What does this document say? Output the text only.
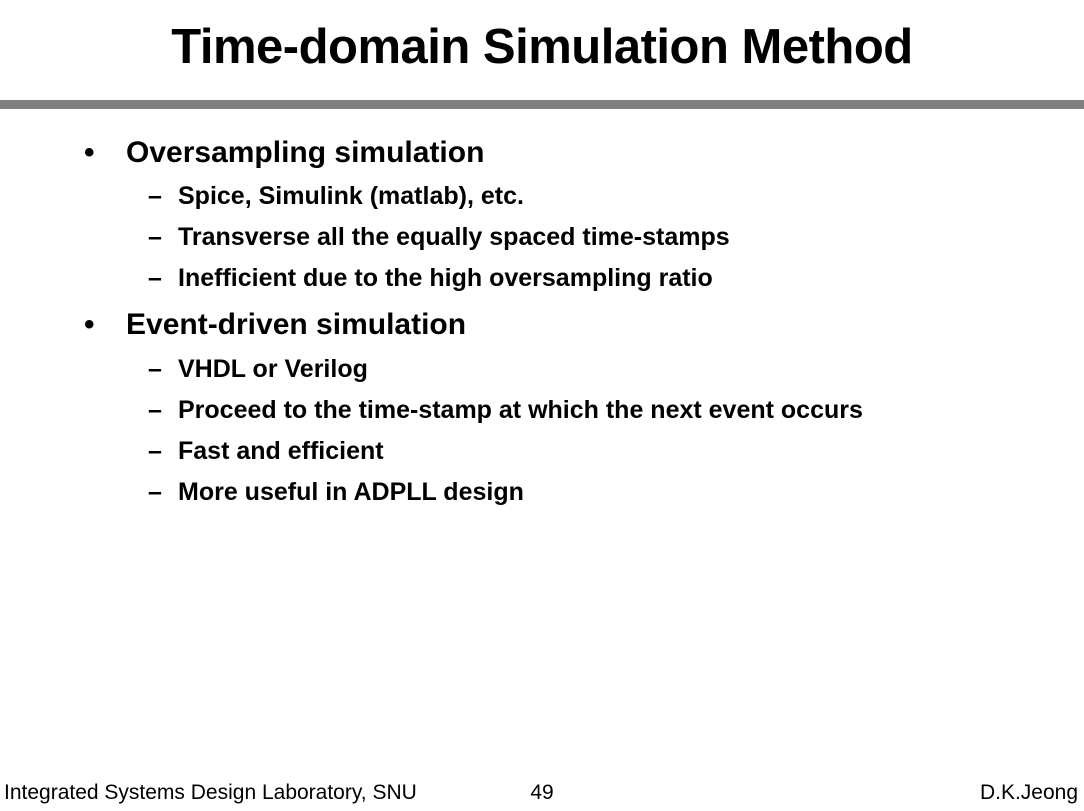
Time-domain Simulation Method
•	Oversampling simulation
– Spice, Simulink (matlab), etc.
– Transverse all the equally spaced time-stamps
– Inefficient due to the high oversampling ratio
•	Event-driven simulation
– VHDL or Verilog
– Proceed to the time-stamp at which the next event occurs
– Fast and efficient
– More useful in ADPLL design
Integrated Systems Design Laboratory, SNU	49	D.K.Jeong
